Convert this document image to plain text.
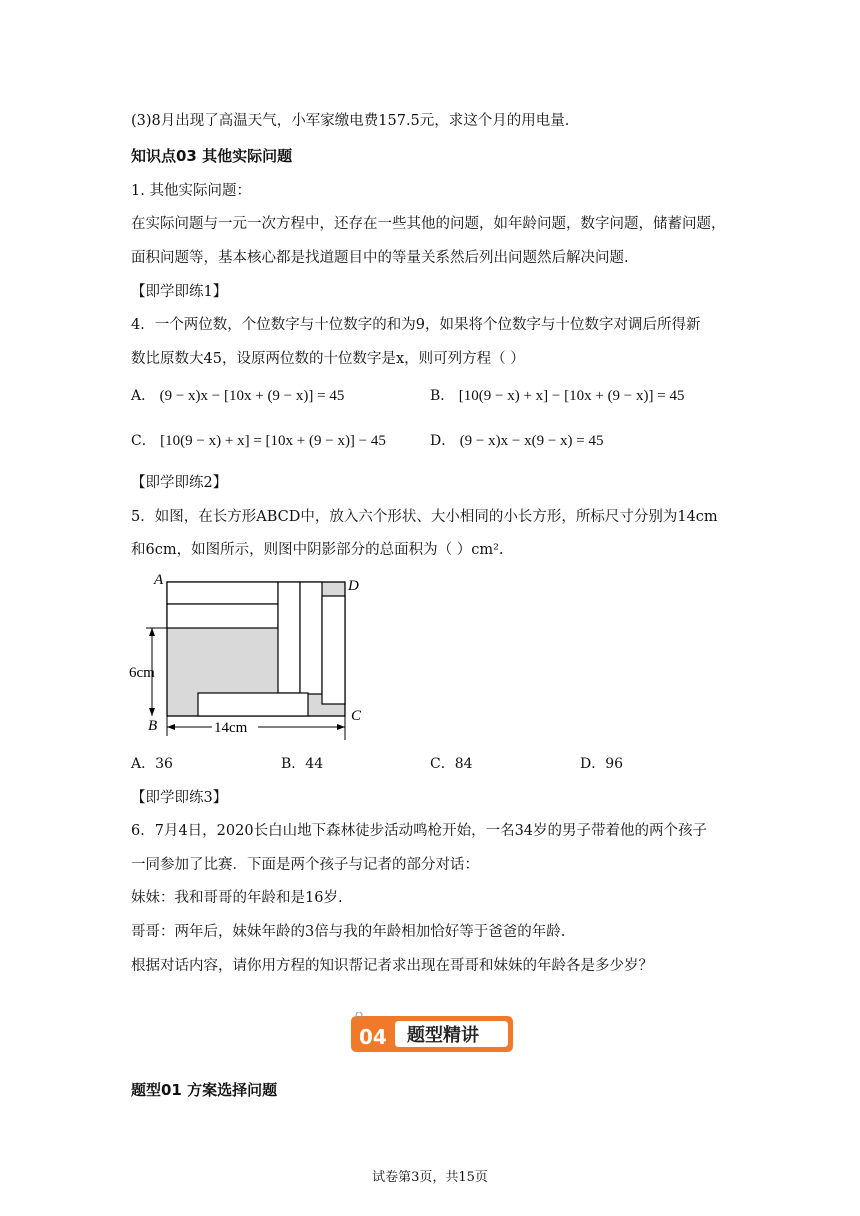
(3)8月出现了高温天气，小军家缴电费157.5元，求这个月的用电量.
知识点03 其他实际问题
1. 其他实际问题：
在实际问题与一元一次方程中，还存在一些其他的问题，如年龄问题，数字问题，储蓄问题，
面积问题等，基本核心都是找道题目中的等量关系然后列出问题然后解决问题.
【即学即练1】
4．一个两位数，个位数字与十位数字的和为9，如果将个位数字与十位数字对调后所得新
数比原数大45，设原两位数的十位数字是x，则可列方程（ ）
A． (9 − x)x − [10x + (9 − x)] = 45	B． [10(9 − x) + x] − [10x + (9 − x)] = 45
C． [10(9 − x) + x] = [10x + (9 − x)] − 45	D． (9 − x)x − x(9 − x) = 45
【即学即练2】
5．如图，在长方形ABCD中，放入六个形状、大小相同的小长方形，所标尺寸分别为14cm
和6cm，如图所示，则图中阴影部分的总面积为（ ）cm².
A	D
B
C
6cm
14cm
A．36	B．44	C．84	D．96
【即学即练3】
6．7月4日，2020长白山地下森林徒步活动鸣枪开始，一名34岁的男子带着他的两个孩子
一同参加了比赛．下面是两个孩子与记者的部分对话：
妹妹：我和哥哥的年龄和是16岁.
哥哥：两年后，妹妹年龄的3倍与我的年龄相加恰好等于爸爸的年龄.
根据对话内容，请你用方程的知识帮记者求出现在哥哥和妹妹的年龄各是多少岁？
04 题型精讲
题型01 方案选择问题
试卷第3页，共15页
